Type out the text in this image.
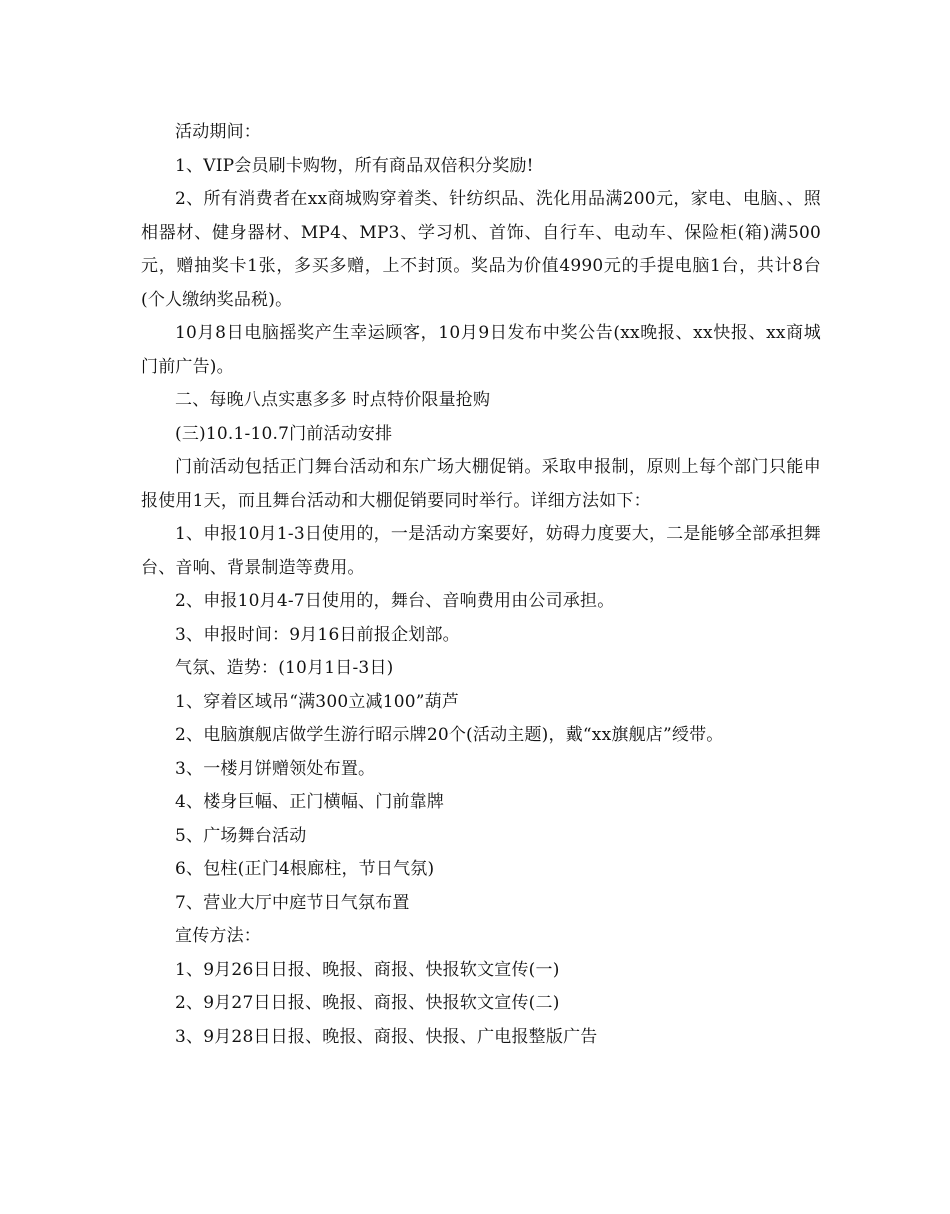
活动期间：

1、VIP会员刷卡购物，所有商品双倍积分奖励!

2、所有消费者在xx商城购穿着类、针纺织品、洗化用品满200元，家电、电脑、、照相器材、健身器材、MP4、MP3、学习机、首饰、自行车、电动车、保险柜(箱)满500元，赠抽奖卡1张，多买多赠，上不封顶。奖品为价值4990元的手提电脑1台，共计8台(个人缴纳奖品税)。

10月8日电脑摇奖产生幸运顾客，10月9日发布中奖公告(xx晚报、xx快报、xx商城门前广告)。

二、每晚八点实惠多多 时点特价限量抢购

(三)10.1-10.7门前活动安排

门前活动包括正门舞台活动和东广场大棚促销。采取申报制，原则上每个部门只能申报使用1天，而且舞台活动和大棚促销要同时举行。详细方法如下：

1、申报10月1-3日使用的，一是活动方案要好，妨碍力度要大，二是能够全部承担舞台、音响、背景制造等费用。

2、申报10月4-7日使用的，舞台、音响费用由公司承担。

3、申报时间：9月16日前报企划部。

气氛、造势：(10月1日-3日)

1、穿着区域吊“满300立减100”葫芦

2、电脑旗舰店做学生游行昭示牌20个(活动主题)，戴“xx旗舰店”绶带。

3、一楼月饼赠领处布置。

4、楼身巨幅、正门横幅、门前靠牌

5、广场舞台活动

6、包柱(正门4根廊柱，节日气氛)

7、营业大厅中庭节日气氛布置

宣传方法：

1、9月26日日报、晚报、商报、快报软文宣传(一)

2、9月27日日报、晚报、商报、快报软文宣传(二)

3、9月28日日报、晚报、商报、快报、广电报整版广告
